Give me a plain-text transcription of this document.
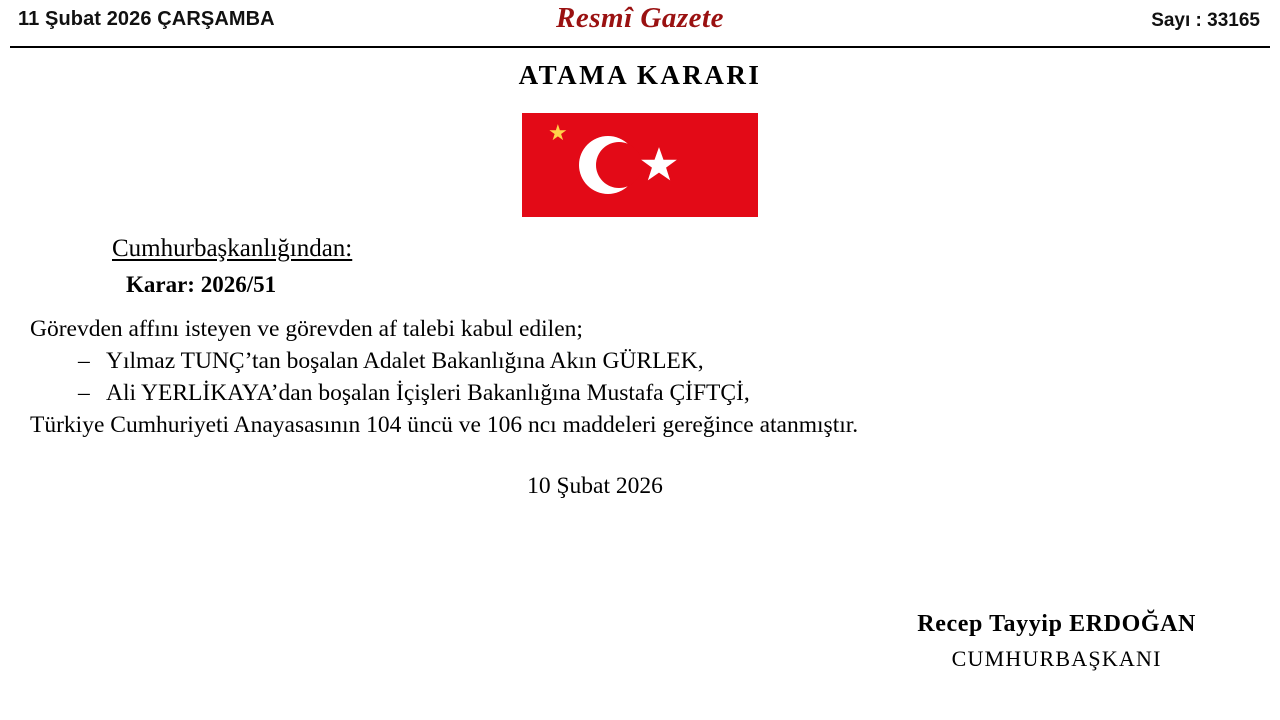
11 Şubat 2026 ÇARŞAMBA	Resmî Gazete	Sayı : 33165
ATAMA KARARI
★
Cumhurbaşkanlığından:
Karar: 2026/51
Görevden affını isteyen ve görevden af talebi kabul edilen;
– Yılmaz TUNÇ’tan boşalan Adalet Bakanlığına Akın GÜRLEK,
– Ali YERLİKAYA’dan boşalan İçişleri Bakanlığına Mustafa ÇİFTÇİ,
Türkiye Cumhuriyeti Anayasasının 104 üncü ve 106 ncı maddeleri gereğince atanmıştır.
10 Şubat 2026
Recep Tayyip ERDOĞAN
CUMHURBAŞKANI
